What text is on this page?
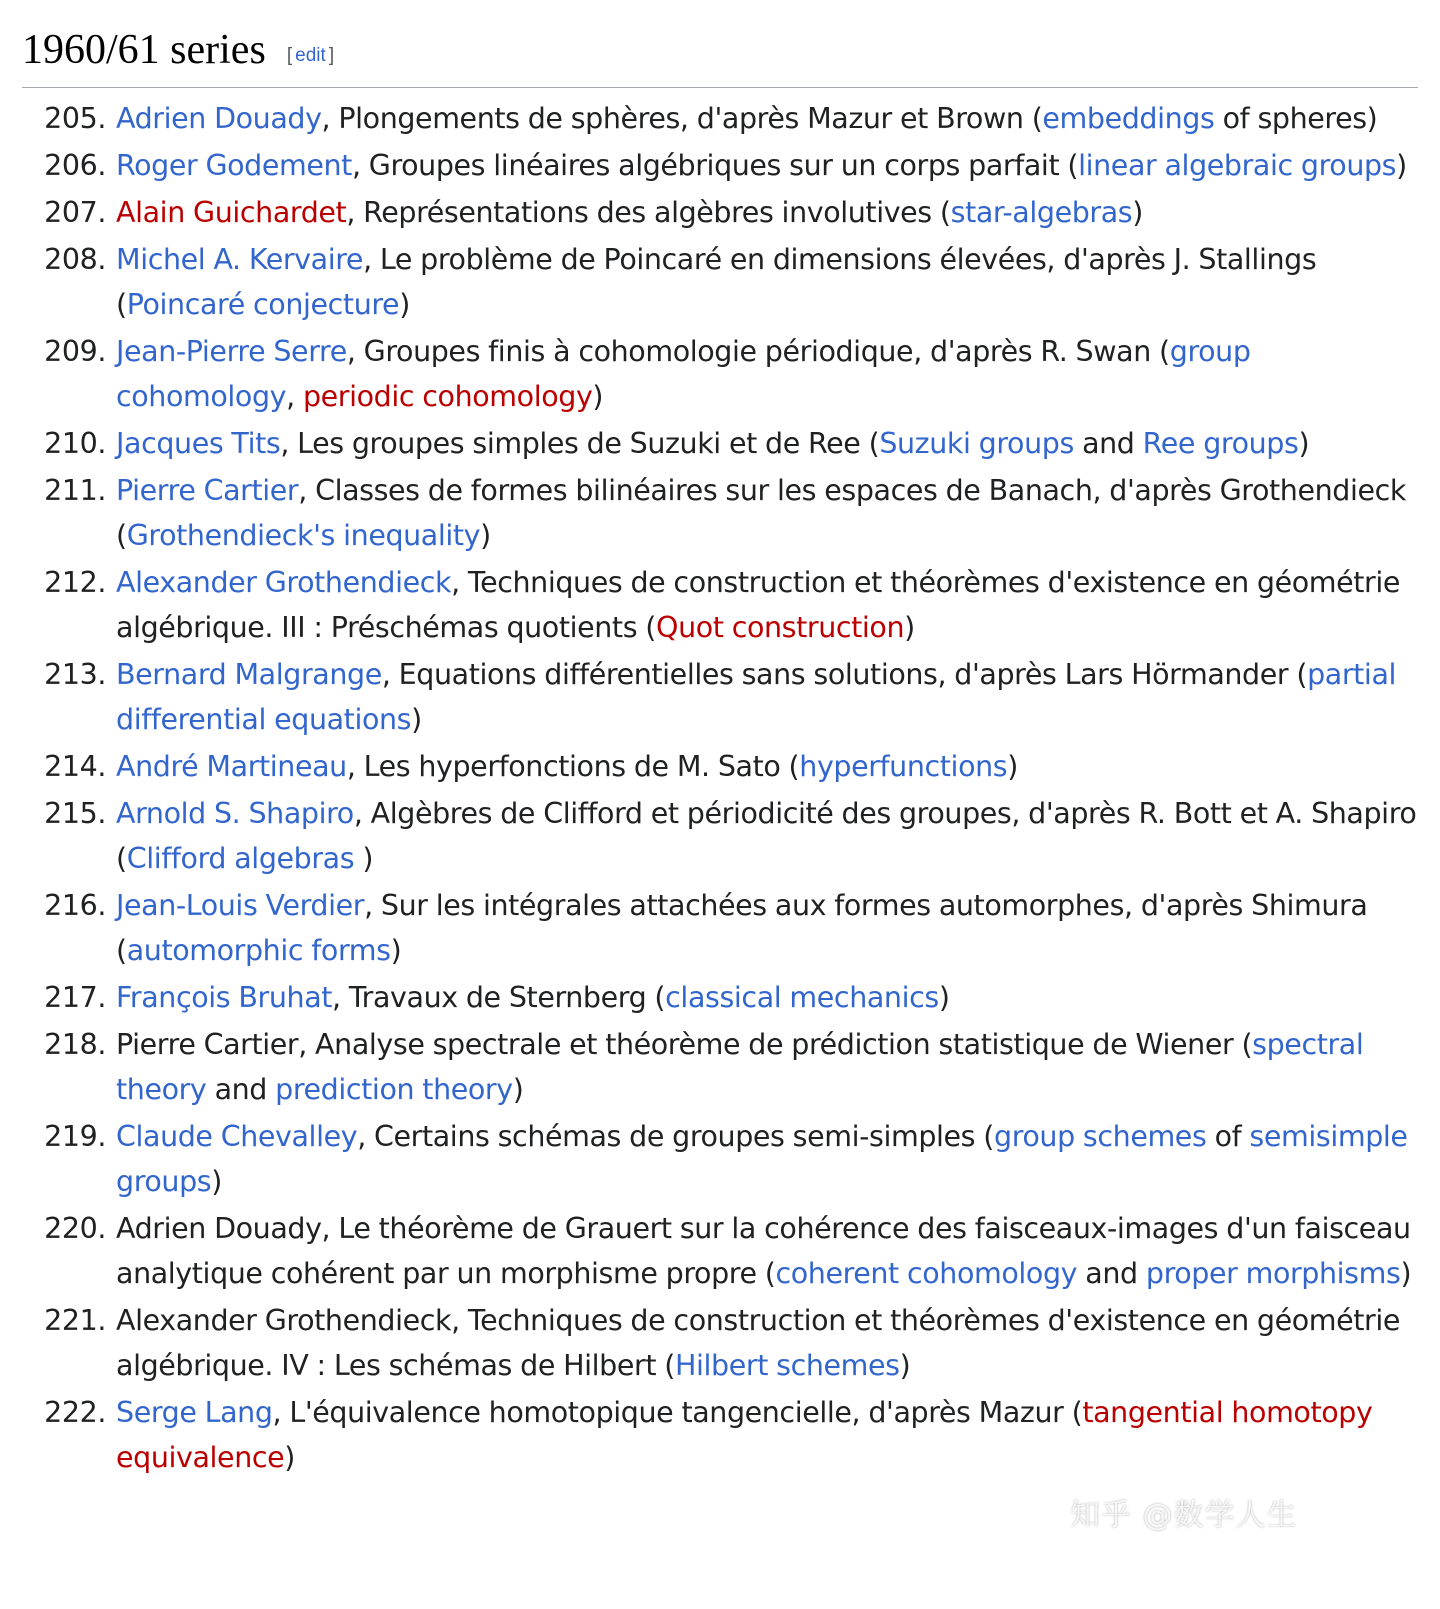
1960/61 series [ edit ]
205. Adrien Douady, Plongements de sphères, d'après Mazur et Brown (embeddings of spheres)
206. Roger Godement, Groupes linéaires algébriques sur un corps parfait (linear algebraic groups)
207. Alain Guichardet, Représentations des algèbres involutives (star-algebras)
208. Michel A. Kervaire, Le problème de Poincaré en dimensions élevées, d'après J. Stallings (Poincaré conjecture)
209. Jean-Pierre Serre, Groupes finis à cohomologie périodique, d'après R. Swan (group cohomology, periodic cohomology)
210. Jacques Tits, Les groupes simples de Suzuki et de Ree (Suzuki groups and Ree groups)
211. Pierre Cartier, Classes de formes bilinéaires sur les espaces de Banach, d'après Grothendieck (Grothendieck's inequality)
212. Alexander Grothendieck, Techniques de construction et théorèmes d'existence en géométrie algébrique. III : Préschémas quotients (Quot construction)
213. Bernard Malgrange, Equations différentielles sans solutions, d'après Lars Hörmander (partial differential equations)
214. André Martineau, Les hyperfonctions de M. Sato (hyperfunctions)
215. Arnold S. Shapiro, Algèbres de Clifford et périodicité des groupes, d'après R. Bott et A. Shapiro (Clifford algebras )
216. Jean-Louis Verdier, Sur les intégrales attachées aux formes automorphes, d'après Shimura (automorphic forms)
217. François Bruhat, Travaux de Sternberg (classical mechanics)
218. Pierre Cartier, Analyse spectrale et théorème de prédiction statistique de Wiener (spectral theory and prediction theory)
219. Claude Chevalley, Certains schémas de groupes semi-simples (group schemes of semisimple groups)
220. Adrien Douady, Le théorème de Grauert sur la cohérence des faisceaux-images d'un faisceau analytique cohérent par un morphisme propre (coherent cohomology and proper morphisms)
221. Alexander Grothendieck, Techniques de construction et théorèmes d'existence en géométrie algébrique. IV : Les schémas de Hilbert (Hilbert schemes)
222. Serge Lang, L'équivalence homotopique tangencielle, d'après Mazur (tangential homotopy equivalence)
知乎 @数学人生
